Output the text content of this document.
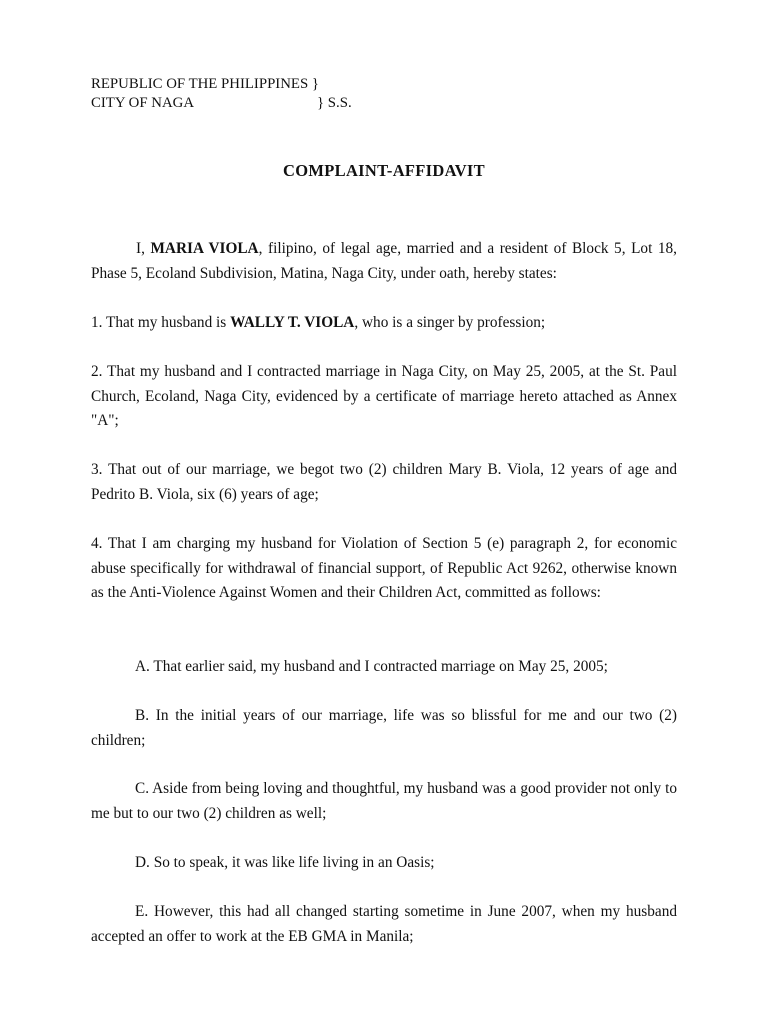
REPUBLIC OF THE PHILIPPINES }
CITY OF NAGA	} S.S.
COMPLAINT-AFFIDAVIT
I, MARIA VIOLA, filipino, of legal age, married and a resident of Block 5, Lot 18, Phase 5, Ecoland Subdivision, Matina, Naga City, under oath, hereby states:
1. That my husband is WALLY T. VIOLA, who is a singer by profession;
2. That my husband and I contracted marriage in Naga City, on May 25, 2005, at the St. Paul Church, Ecoland, Naga City, evidenced by a certificate of marriage hereto attached as Annex "A";
3. That out of our marriage, we begot two (2) children Mary B. Viola, 12 years of age and Pedrito B. Viola, six (6) years of age;
4. That I am charging my husband for Violation of Section 5 (e) paragraph 2, for economic abuse specifically for withdrawal of financial support, of Republic Act 9262, otherwise known as the Anti-Violence Against Women and their Children Act, committed as follows:
A. That earlier said, my husband and I contracted marriage on May 25, 2005;
B. In the initial years of our marriage, life was so blissful for me and our two (2) children;
C. Aside from being loving and thoughtful, my husband was a good provider not only to me but to our two (2) children as well;
D. So to speak, it was like life living in an Oasis;
E. However, this had all changed starting sometime in June 2007, when my husband accepted an offer to work at the EB GMA in Manila;
